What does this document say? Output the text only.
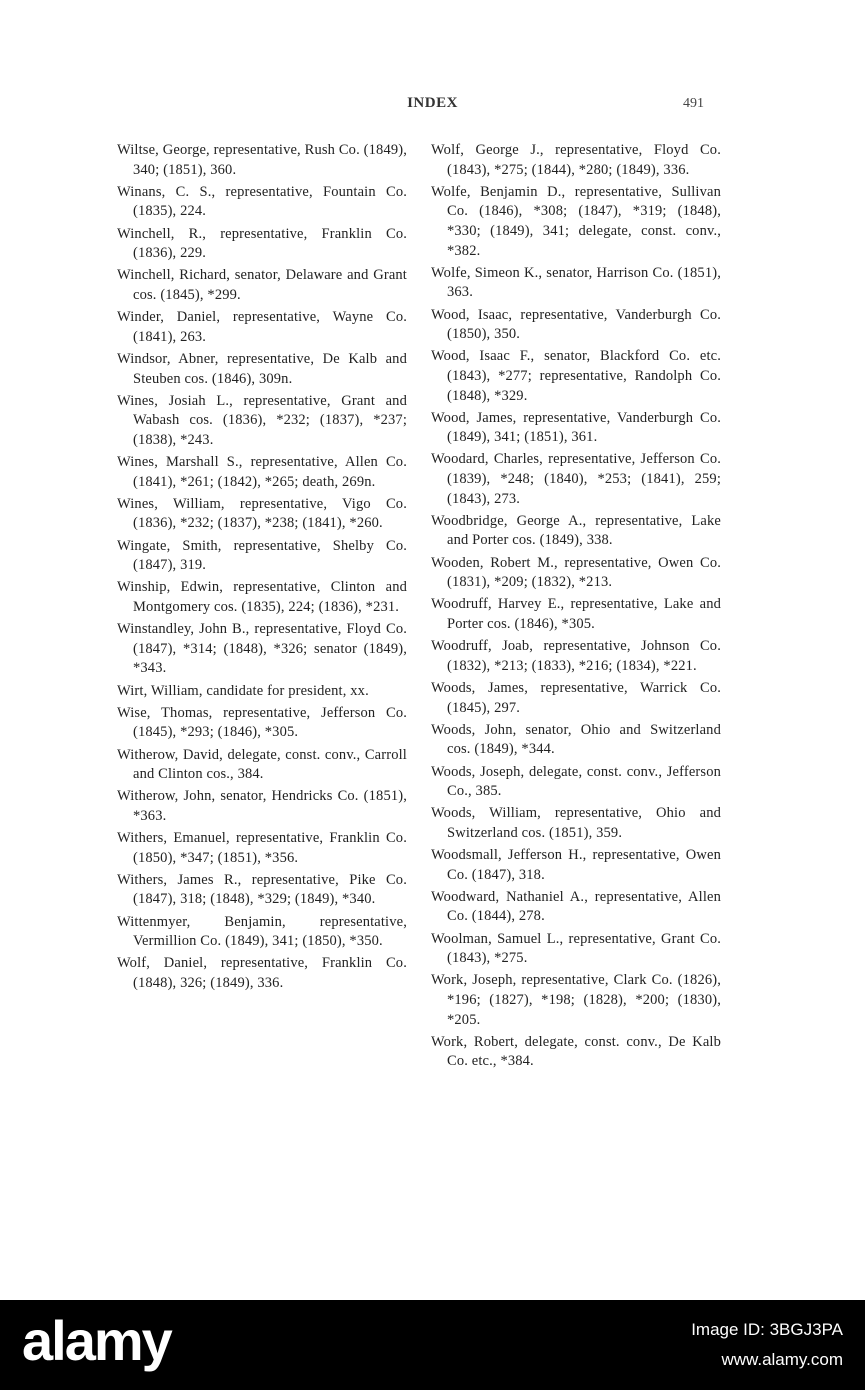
INDEX	491
Wiltse, George, representative, Rush Co. (1849), 340; (1851), 360.
Winans, C. S., representative, Fountain Co. (1835), 224.
Winchell, R., representative, Franklin Co. (1836), 229.
Winchell, Richard, senator, Delaware and Grant cos. (1845), *299.
Winder, Daniel, representative, Wayne Co. (1841), 263.
Windsor, Abner, representative, De Kalb and Steuben cos. (1846), 309n.
Wines, Josiah L., representative, Grant and Wabash cos. (1836), *232; (1837), *237; (1838), *243.
Wines, Marshall S., representative, Allen Co. (1841), *261; (1842), *265; death, 269n.
Wines, William, representative, Vigo Co. (1836), *232; (1837), *238; (1841), *260.
Wingate, Smith, representative, Shelby Co. (1847), 319.
Winship, Edwin, representative, Clinton and Montgomery cos. (1835), 224; (1836), *231.
Winstandley, John B., representative, Floyd Co. (1847), *314; (1848), *326; senator (1849), *343.
Wirt, William, candidate for president, xx.
Wise, Thomas, representative, Jefferson Co. (1845), *293; (1846), *305.
Witherow, David, delegate, const. conv., Carroll and Clinton cos., 384.
Witherow, John, senator, Hendricks Co. (1851), *363.
Withers, Emanuel, representative, Franklin Co. (1850), *347; (1851), *356.
Withers, James R., representative, Pike Co. (1847), 318; (1848), *329; (1849), *340.
Wittenmyer, Benjamin, representative, Vermillion Co. (1849), 341; (1850), *350.
Wolf, Daniel, representative, Franklin Co. (1848), 326; (1849), 336.
Wolf, George J., representative, Floyd Co. (1843), *275; (1844), *280; (1849), 336.
Wolfe, Benjamin D., representative, Sullivan Co. (1846), *308; (1847), *319; (1848), *330; (1849), 341; delegate, const. conv., *382.
Wolfe, Simeon K., senator, Harrison Co. (1851), 363.
Wood, Isaac, representative, Vanderburgh Co. (1850), 350.
Wood, Isaac F., senator, Blackford Co. etc. (1843), *277; representative, Randolph Co. (1848), *329.
Wood, James, representative, Vanderburgh Co. (1849), 341; (1851), 361.
Woodard, Charles, representative, Jefferson Co. (1839), *248; (1840), *253; (1841), 259; (1843), 273.
Woodbridge, George A., representative, Lake and Porter cos. (1849), 338.
Wooden, Robert M., representative, Owen Co. (1831), *209; (1832), *213.
Woodruff, Harvey E., representative, Lake and Porter cos. (1846), *305.
Woodruff, Joab, representative, Johnson Co. (1832), *213; (1833), *216; (1834), *221.
Woods, James, representative, Warrick Co. (1845), 297.
Woods, John, senator, Ohio and Switzerland cos. (1849), *344.
Woods, Joseph, delegate, const. conv., Jefferson Co., 385.
Woods, William, representative, Ohio and Switzerland cos. (1851), 359.
Woodsmall, Jefferson H., representative, Owen Co. (1847), 318.
Woodward, Nathaniel A., representative, Allen Co. (1844), 278.
Woolman, Samuel L., representative, Grant Co. (1843), *275.
Work, Joseph, representative, Clark Co. (1826), *196; (1827), *198; (1828), *200; (1830), *205.
Work, Robert, delegate, const. conv., De Kalb Co. etc., *384.
alamy	Image ID: 3BGJ3PA
www.alamy.com
